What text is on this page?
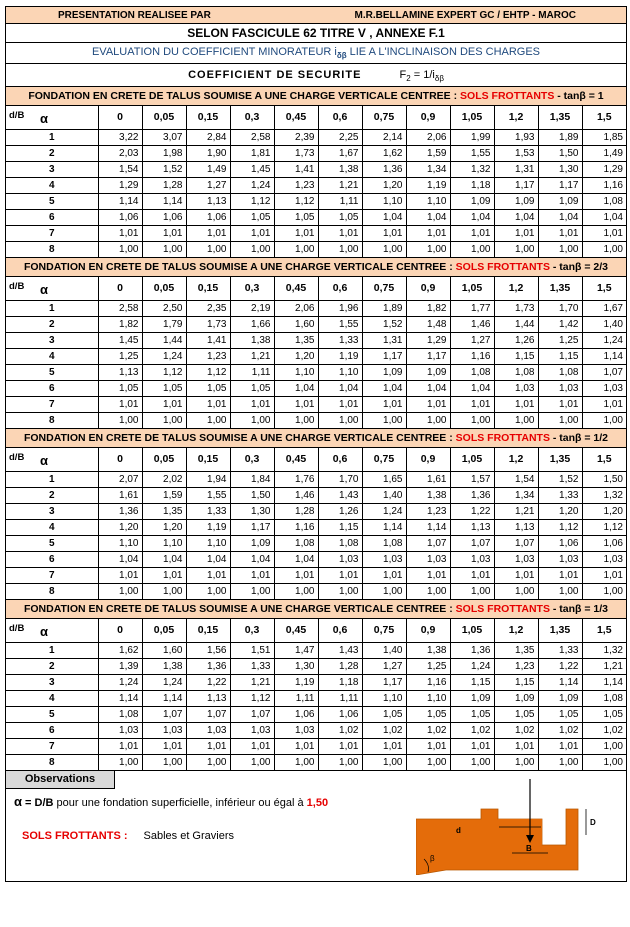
PRESENTATION REALISEE PAR	M.R.BELLAMINE EXPERT GC / EHTP - MAROC
SELON FASCICULE 62 TITRE V , ANNEXE F.1
EVALUATION DU COEFFICIENT MINORATEUR $i_{\delta\beta}$ LIE A L'INCLINAISON DES CHARGES
COEFFICIENT DE SECURITE	$F_2 = 1/i_{\delta\beta}$
FONDATION EN CRETE DE TALUS SOUMISE A UNE CHARGE VERTICALE CENTREE : SOLS FROTTANTS - tanβ = 1
d/B α	0	0,05	0,15	0,3	0,45	0,6	0,75	0,9	1,05	1,2	1,35	1,5
1	3,22	3,07	2,84	2,58	2,39	2,25	2,14	2,06	1,99	1,93	1,89	1,85
2	2,03	1,98	1,90	1,81	1,73	1,67	1,62	1,59	1,55	1,53	1,50	1,49
3	1,54	1,52	1,49	1,45	1,41	1,38	1,36	1,34	1,32	1,31	1,30	1,29
4	1,29	1,28	1,27	1,24	1,23	1,21	1,20	1,19	1,18	1,17	1,17	1,16
5	1,14	1,14	1,13	1,12	1,12	1,11	1,10	1,10	1,09	1,09	1,09	1,08
6	1,06	1,06	1,06	1,05	1,05	1,05	1,04	1,04	1,04	1,04	1,04	1,04
7	1,01	1,01	1,01	1,01	1,01	1,01	1,01	1,01	1,01	1,01	1,01	1,01
8	1,00	1,00	1,00	1,00	1,00	1,00	1,00	1,00	1,00	1,00	1,00	1,00
FONDATION EN CRETE DE TALUS SOUMISE A UNE CHARGE VERTICALE CENTREE : SOLS FROTTANTS - tanβ = 2/3
d/B α	0	0,05	0,15	0,3	0,45	0,6	0,75	0,9	1,05	1,2	1,35	1,5
1	2,58	2,50	2,35	2,19	2,06	1,96	1,89	1,82	1,77	1,73	1,70	1,67
2	1,82	1,79	1,73	1,66	1,60	1,55	1,52	1,48	1,46	1,44	1,42	1,40
3	1,45	1,44	1,41	1,38	1,35	1,33	1,31	1,29	1,27	1,26	1,25	1,24
4	1,25	1,24	1,23	1,21	1,20	1,19	1,17	1,17	1,16	1,15	1,15	1,14
5	1,13	1,12	1,12	1,11	1,10	1,10	1,09	1,09	1,08	1,08	1,08	1,07
6	1,05	1,05	1,05	1,05	1,04	1,04	1,04	1,04	1,04	1,03	1,03	1,03
7	1,01	1,01	1,01	1,01	1,01	1,01	1,01	1,01	1,01	1,01	1,01	1,01
8	1,00	1,00	1,00	1,00	1,00	1,00	1,00	1,00	1,00	1,00	1,00	1,00
FONDATION EN CRETE DE TALUS SOUMISE A UNE CHARGE VERTICALE CENTREE : SOLS FROTTANTS - tanβ = 1/2
d/B α	0	0,05	0,15	0,3	0,45	0,6	0,75	0,9	1,05	1,2	1,35	1,5
1	2,07	2,02	1,94	1,84	1,76	1,70	1,65	1,61	1,57	1,54	1,52	1,50
2	1,61	1,59	1,55	1,50	1,46	1,43	1,40	1,38	1,36	1,34	1,33	1,32
3	1,36	1,35	1,33	1,30	1,28	1,26	1,24	1,23	1,22	1,21	1,20	1,20
4	1,20	1,20	1,19	1,17	1,16	1,15	1,14	1,14	1,13	1,13	1,12	1,12
5	1,10	1,10	1,10	1,09	1,08	1,08	1,08	1,07	1,07	1,07	1,06	1,06
6	1,04	1,04	1,04	1,04	1,04	1,03	1,03	1,03	1,03	1,03	1,03	1,03
7	1,01	1,01	1,01	1,01	1,01	1,01	1,01	1,01	1,01	1,01	1,01	1,01
8	1,00	1,00	1,00	1,00	1,00	1,00	1,00	1,00	1,00	1,00	1,00	1,00
FONDATION EN CRETE DE TALUS SOUMISE A UNE CHARGE VERTICALE CENTREE : SOLS FROTTANTS - tanβ = 1/3
d/B α	0	0,05	0,15	0,3	0,45	0,6	0,75	0,9	1,05	1,2	1,35	1,5
1	1,62	1,60	1,56	1,51	1,47	1,43	1,40	1,38	1,36	1,35	1,33	1,32
2	1,39	1,38	1,36	1,33	1,30	1,28	1,27	1,25	1,24	1,23	1,22	1,21
3	1,24	1,24	1,22	1,21	1,19	1,18	1,17	1,16	1,15	1,15	1,14	1,14
4	1,14	1,14	1,13	1,12	1,11	1,11	1,10	1,10	1,09	1,09	1,09	1,08
5	1,08	1,07	1,07	1,07	1,06	1,06	1,05	1,05	1,05	1,05	1,05	1,05
6	1,03	1,03	1,03	1,03	1,03	1,02	1,02	1,02	1,02	1,02	1,02	1,02
7	1,01	1,01	1,01	1,01	1,01	1,01	1,01	1,01	1,01	1,01	1,01	1,00
8	1,00	1,00	1,00	1,00	1,00	1,00	1,00	1,00	1,00	1,00	1,00	1,00
Observations
α = D/B pour une fondation superficielle, inférieur ou égal à 1,50
SOLS FROTTANTS : Sables et Graviers	d
B
D
β
